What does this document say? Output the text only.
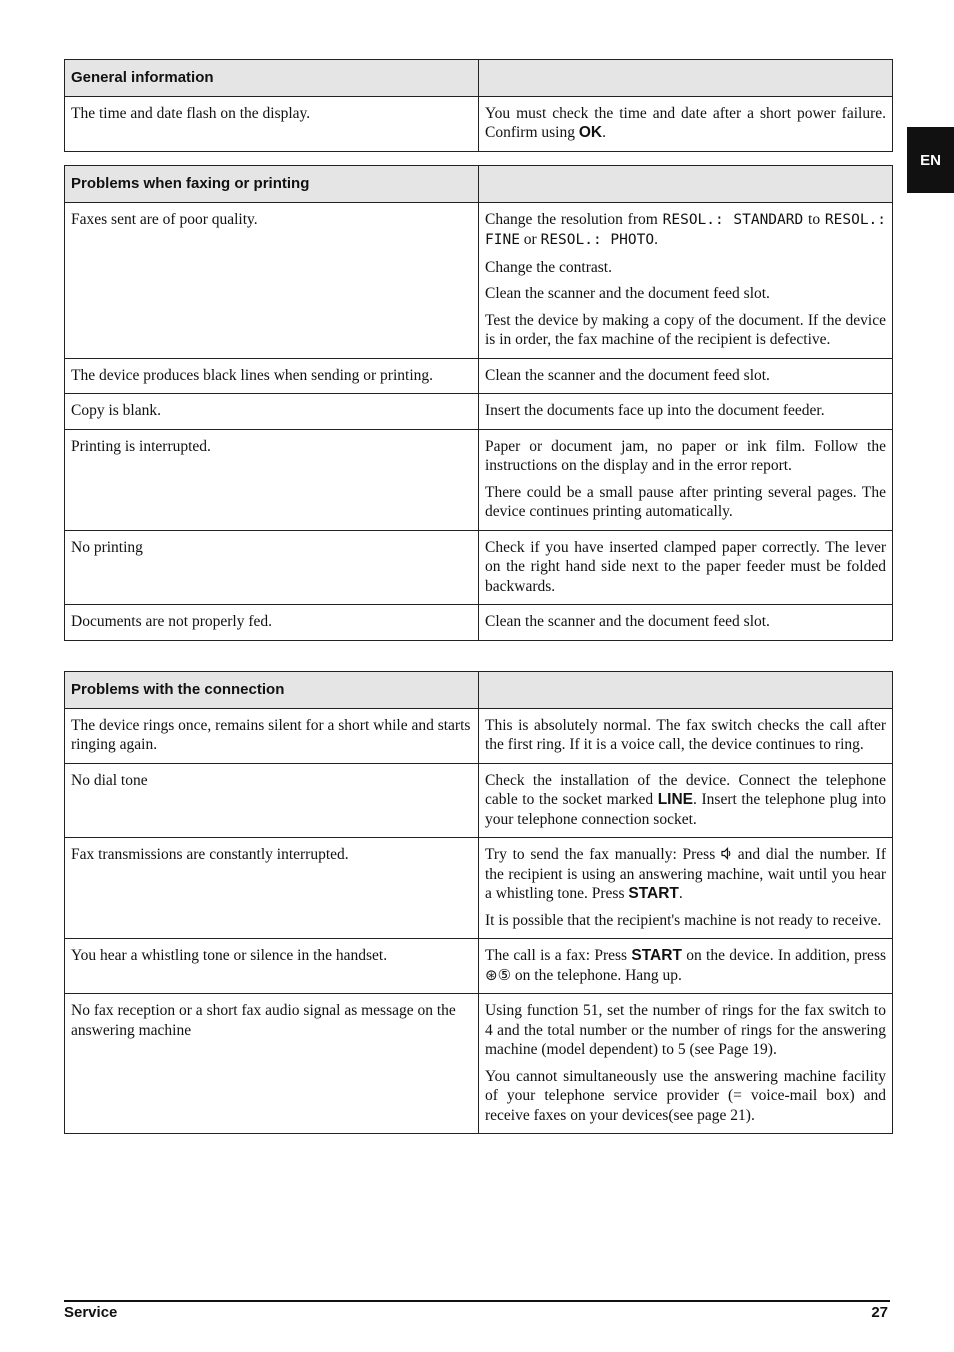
EN
General information	
The time and date flash on the display.	You must check the time and date after a short power failure. Confirm using OK.
Problems when faxing or printing	
Faxes sent are of poor quality.	Change the resolution from RESOL.: STANDARD to RESOL.: FINE or RESOL.: PHOTO.

Change the contrast.

Clean the scanner and the document feed slot.

Test the device by making a copy of the document. If the device is in order, the fax machine of the recipient is defective.

The device produces black lines when sending or printing.	Clean the scanner and the document feed slot.
Copy is blank.	Insert the documents face up into the document feeder.
Printing is interrupted.	Paper or document jam, no paper or ink film. Follow the instructions on the display and in the error report.

There could be a small pause after printing several pages. The device continues printing automatically.

No printing	Check if you have inserted clamped paper correctly. The lever on the right hand side next to the paper feeder must be folded backwards.
Documents are not properly fed.	Clean the scanner and the document feed slot.
Problems with the connection	
The device rings once, remains silent for a short while and starts ringing again.	This is absolutely normal. The fax switch checks the call after the first ring. If it is a voice call, the device continues to ring.
No dial tone	Check the installation of the device. Connect the telephone cable to the socket marked LINE. Insert the telephone plug into your telephone connection socket.
Fax transmissions are constantly interrupted.	Try to send the fax manually: Press  and dial the number. If the recipient is using an answering machine, wait until you hear a whistling tone. Press START.

It is possible that the recipient's machine is not ready to receive.

You hear a whistling tone or silence in the handset.	The call is a fax: Press START on the device. In addition, press ⊛⑤ on the telephone. Hang up.
No fax reception or a short fax audio signal as message on the answering machine	Using function 51, set the number of rings for the fax switch to 4 and the total number or the number of rings for the answering machine (model dependent) to 5 (see Page 19).

You cannot simultaneously use the answering machine facility of your telephone service provider (= voice-mail box) and receive faxes on your devices(see page 21).

Service	27
